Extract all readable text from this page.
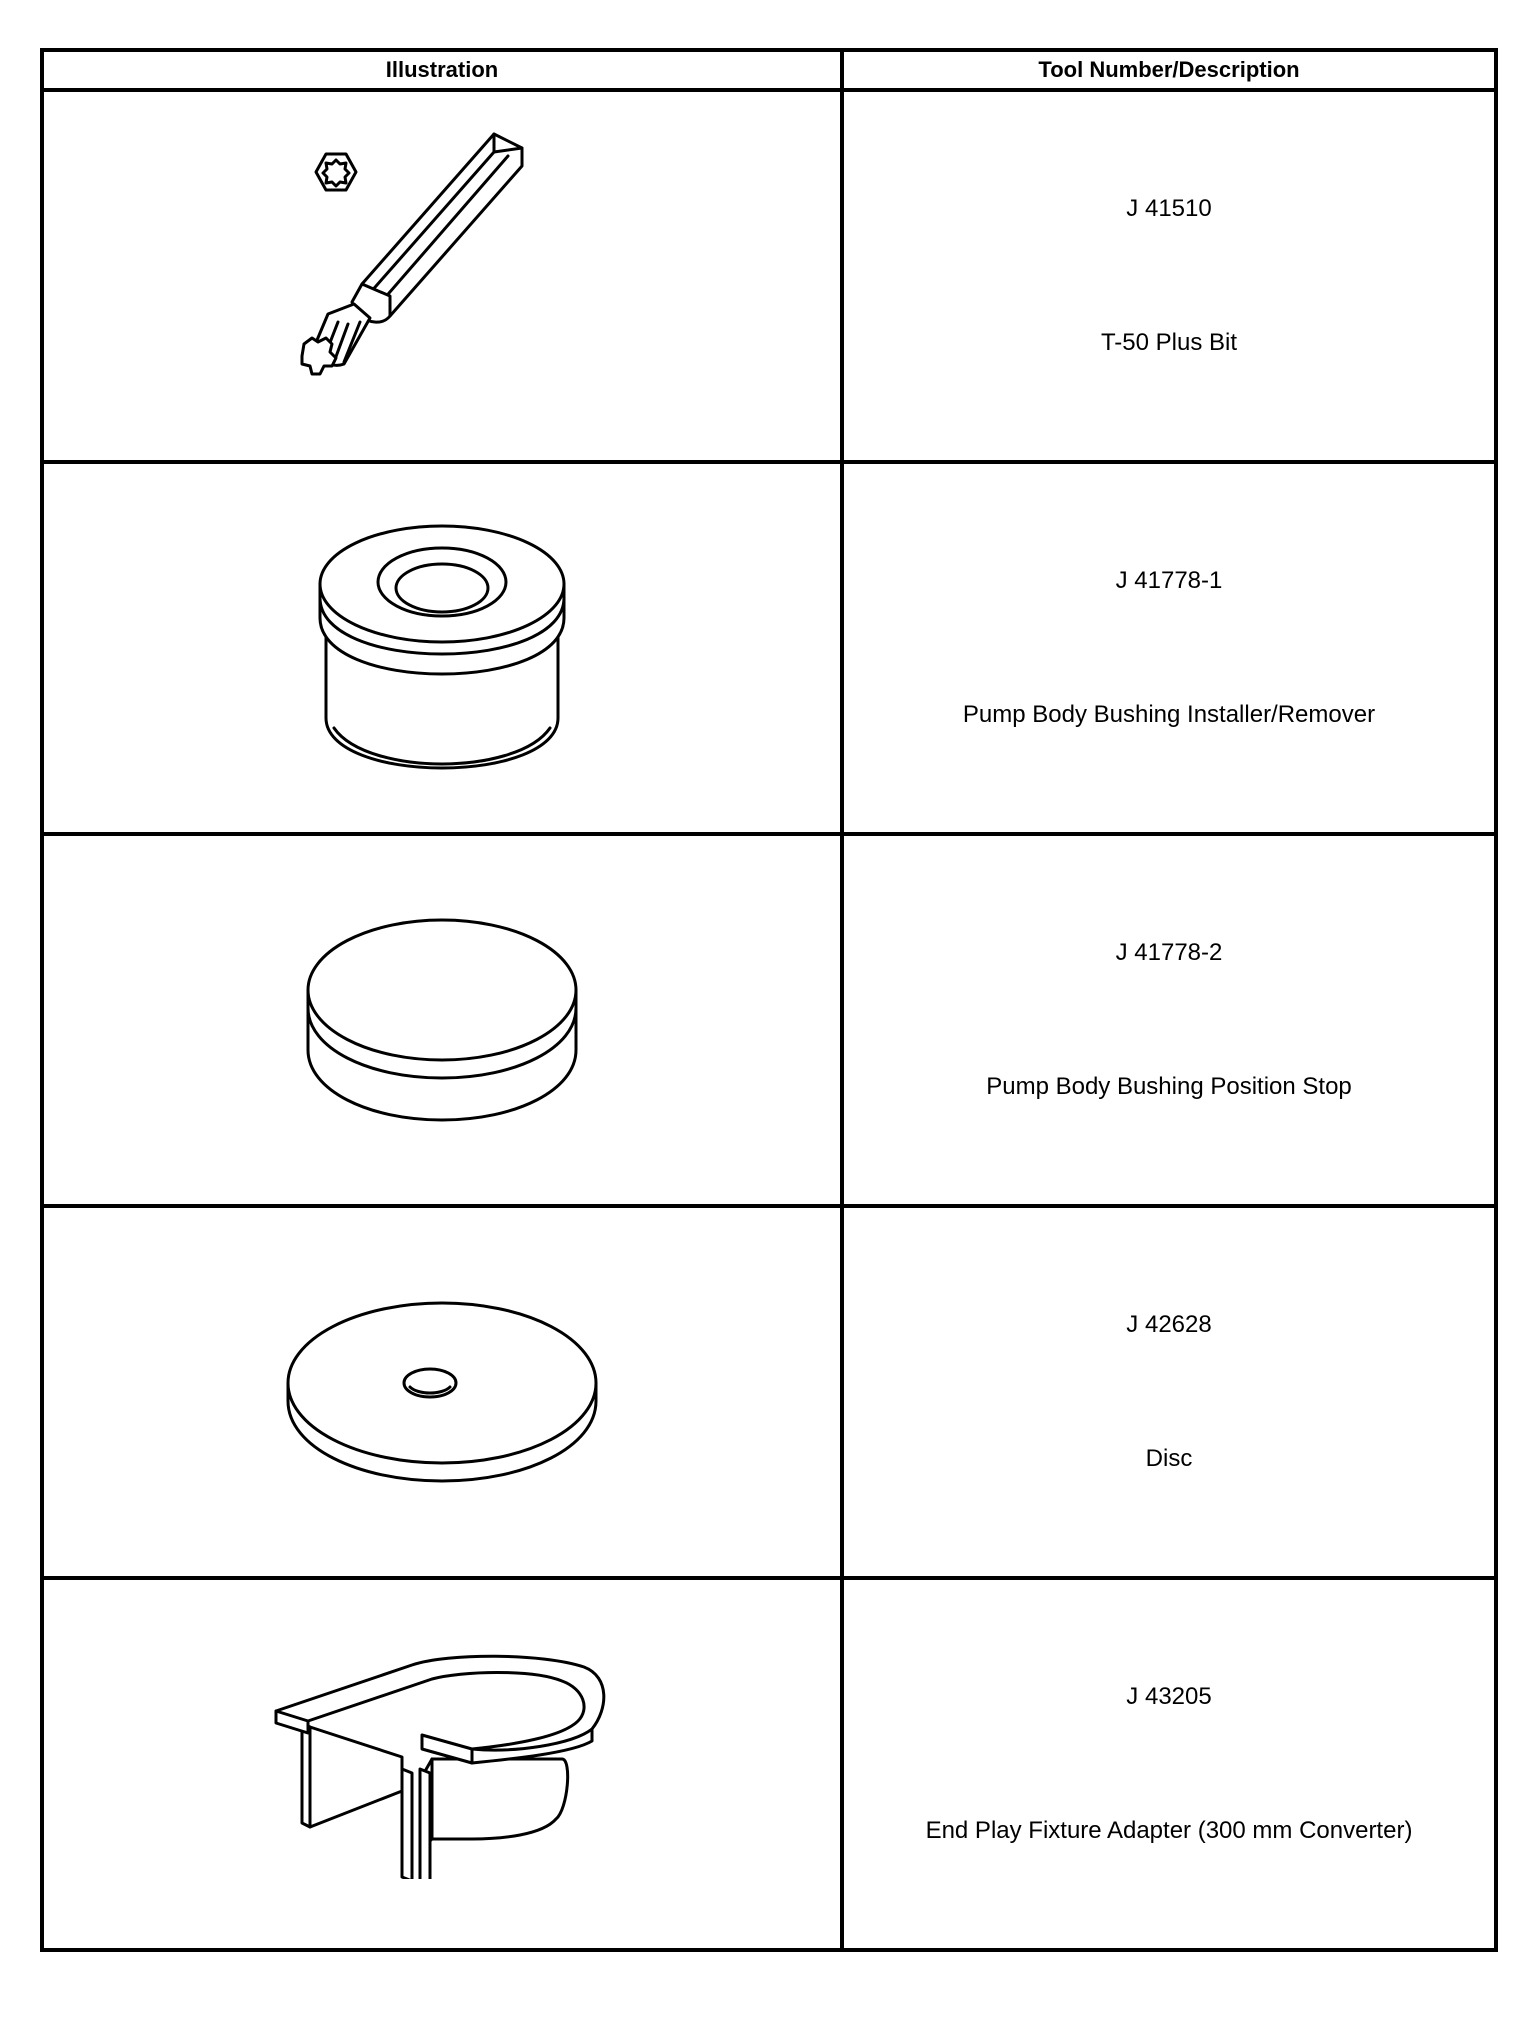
Illustration	Tool Number/Description

J 41510
T-50 Plus Bit

J 41778-1
Pump Body Bushing Installer/Remover

J 41778-2
Pump Body Bushing Position Stop

J 42628
Disc

J 43205
End Play Fixture Adapter (300 mm Converter)
